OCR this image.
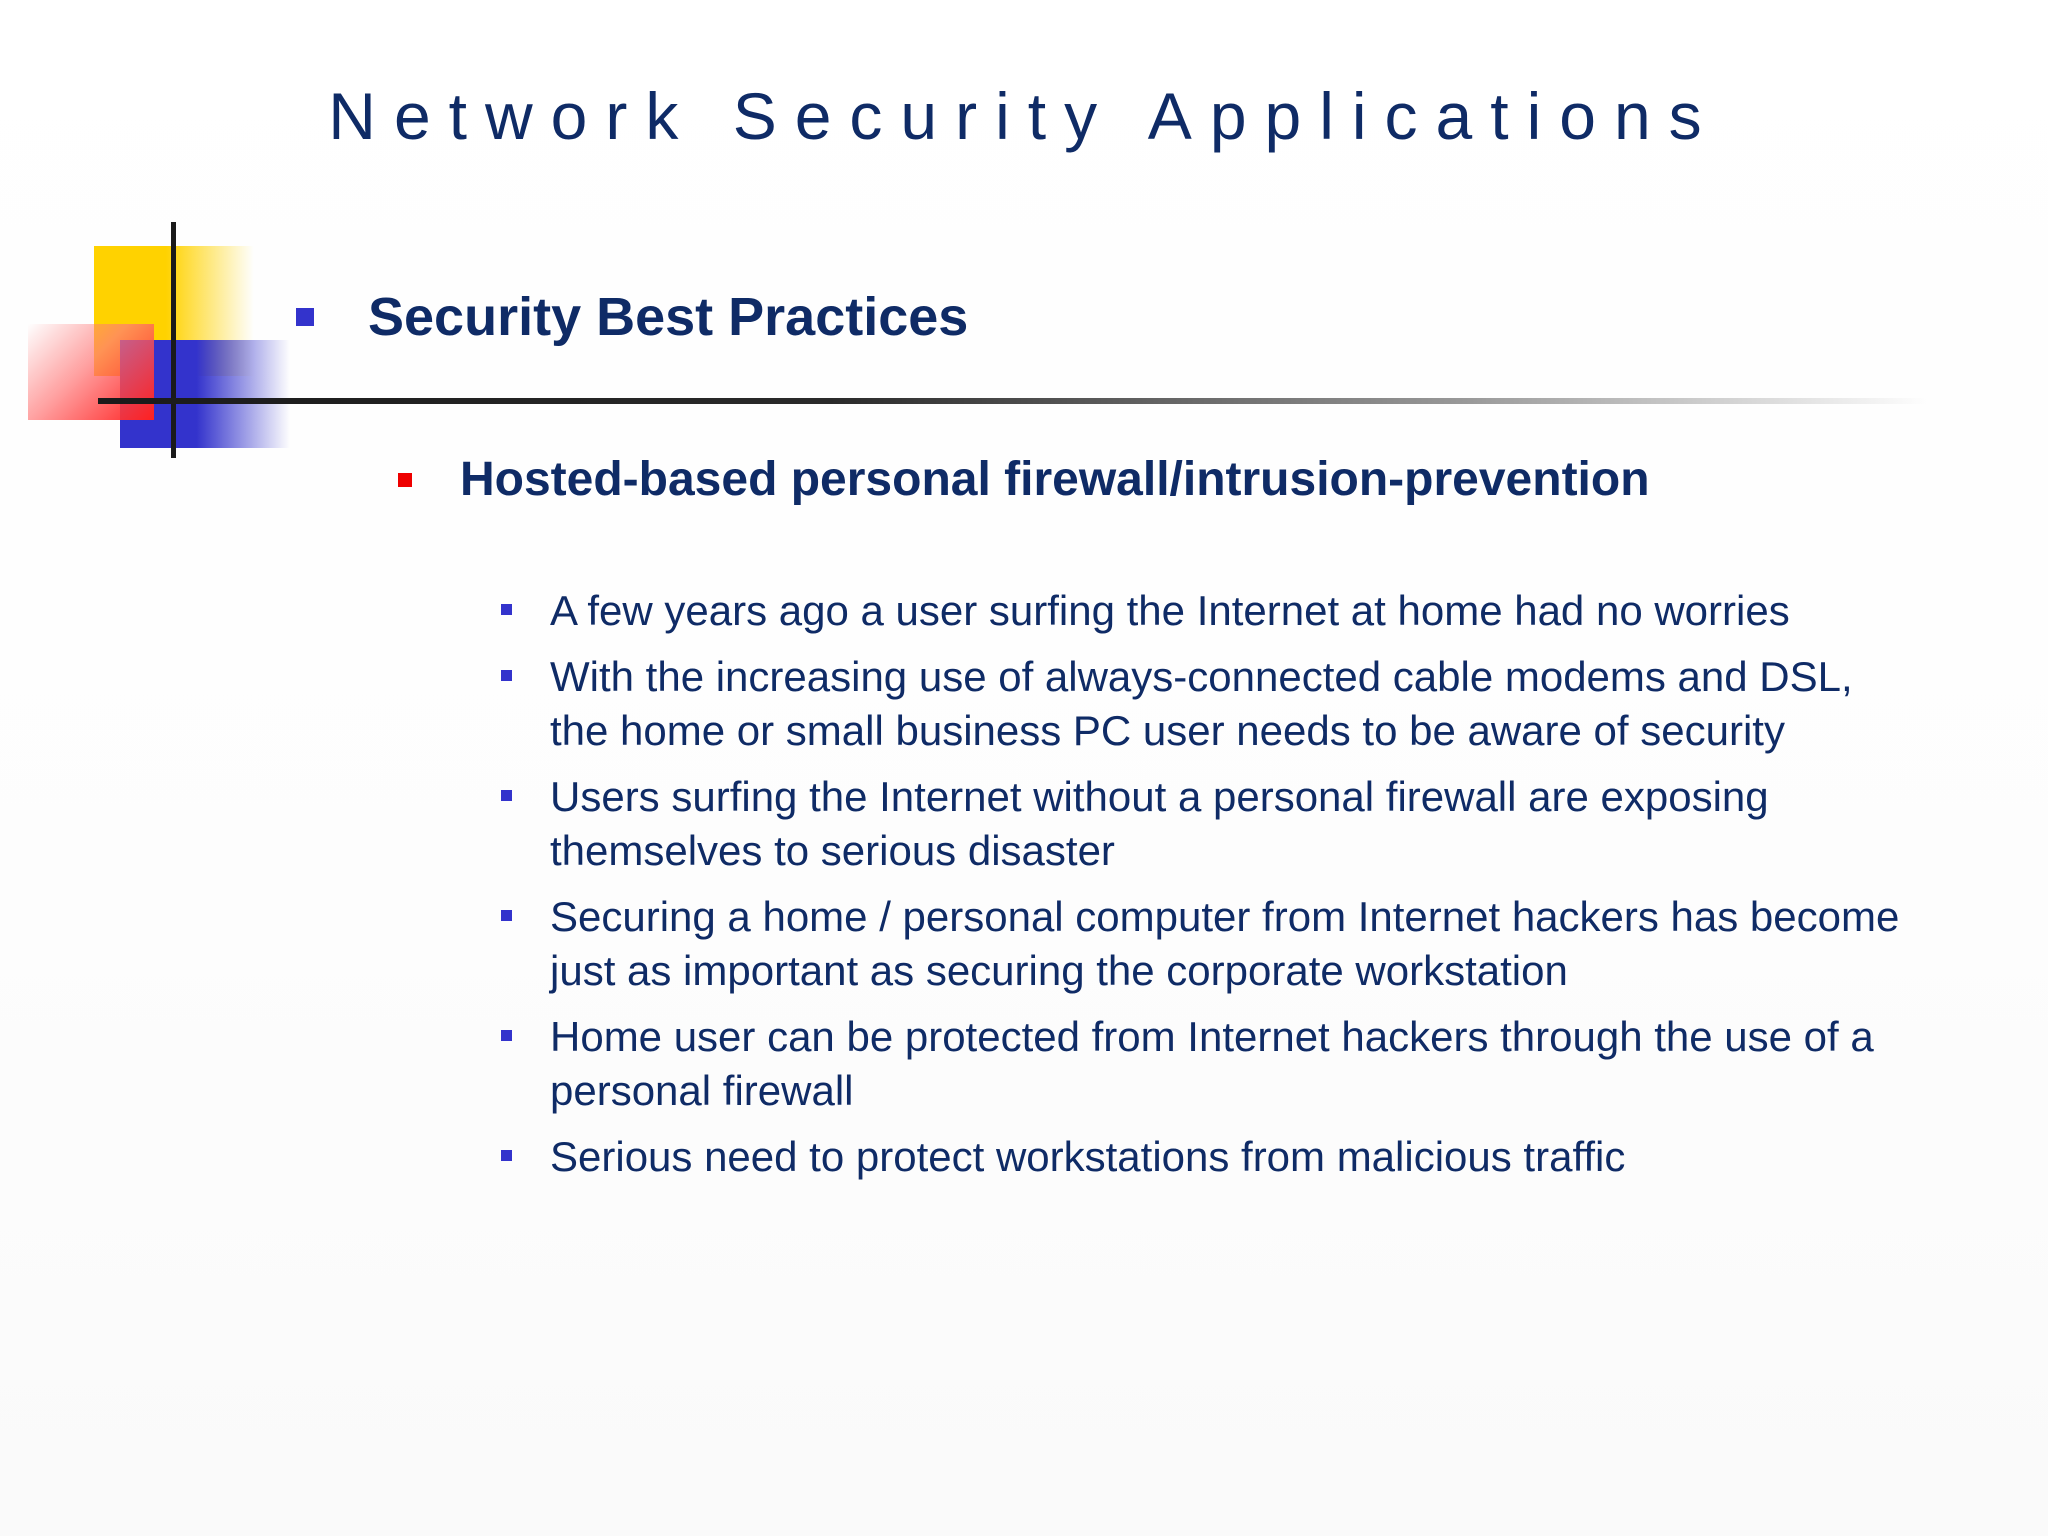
Network Security Applications
Security Best Practices
Hosted-based personal firewall/intrusion-prevention
A few years ago a user surfing the Internet at home had no worries
With the increasing use of always-connected cable modems and DSL, the home or small business PC user needs to be aware of security
Users surfing the Internet without a personal firewall are exposing themselves to serious disaster
Securing a home / personal computer from Internet hackers has become just as important as securing the corporate workstation
Home user can be protected from Internet hackers through the use of a personal firewall
Serious need to protect workstations from malicious traffic
